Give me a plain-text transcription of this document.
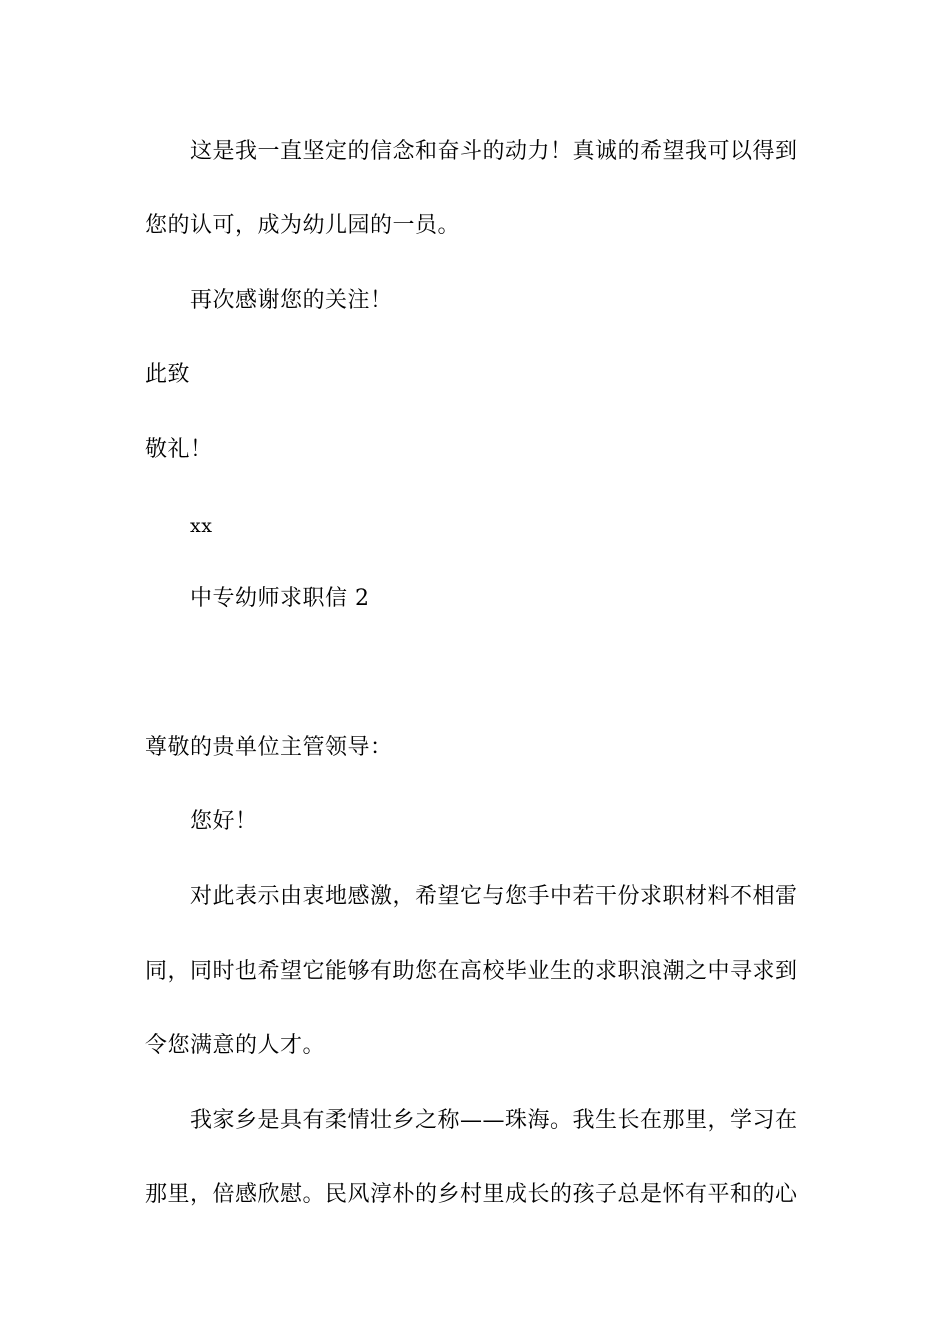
这是我一直坚定的信念和奋斗的动力！真诚的希望我可以得到
您的认可，成为幼儿园的一员。
再次感谢您的关注！
此致
敬礼！
xx
中专幼师求职信 2
尊敬的贵单位主管领导：
您好！
对此表示由衷地感激，希望它与您手中若干份求职材料不相雷
同，同时也希望它能够有助您在高校毕业生的求职浪潮之中寻求到
令您满意的人才。
我家乡是具有柔情壮乡之称——珠海。我生长在那里，学习在
那里，倍感欣慰。民风淳朴的乡村里成长的孩子总是怀有平和的心
